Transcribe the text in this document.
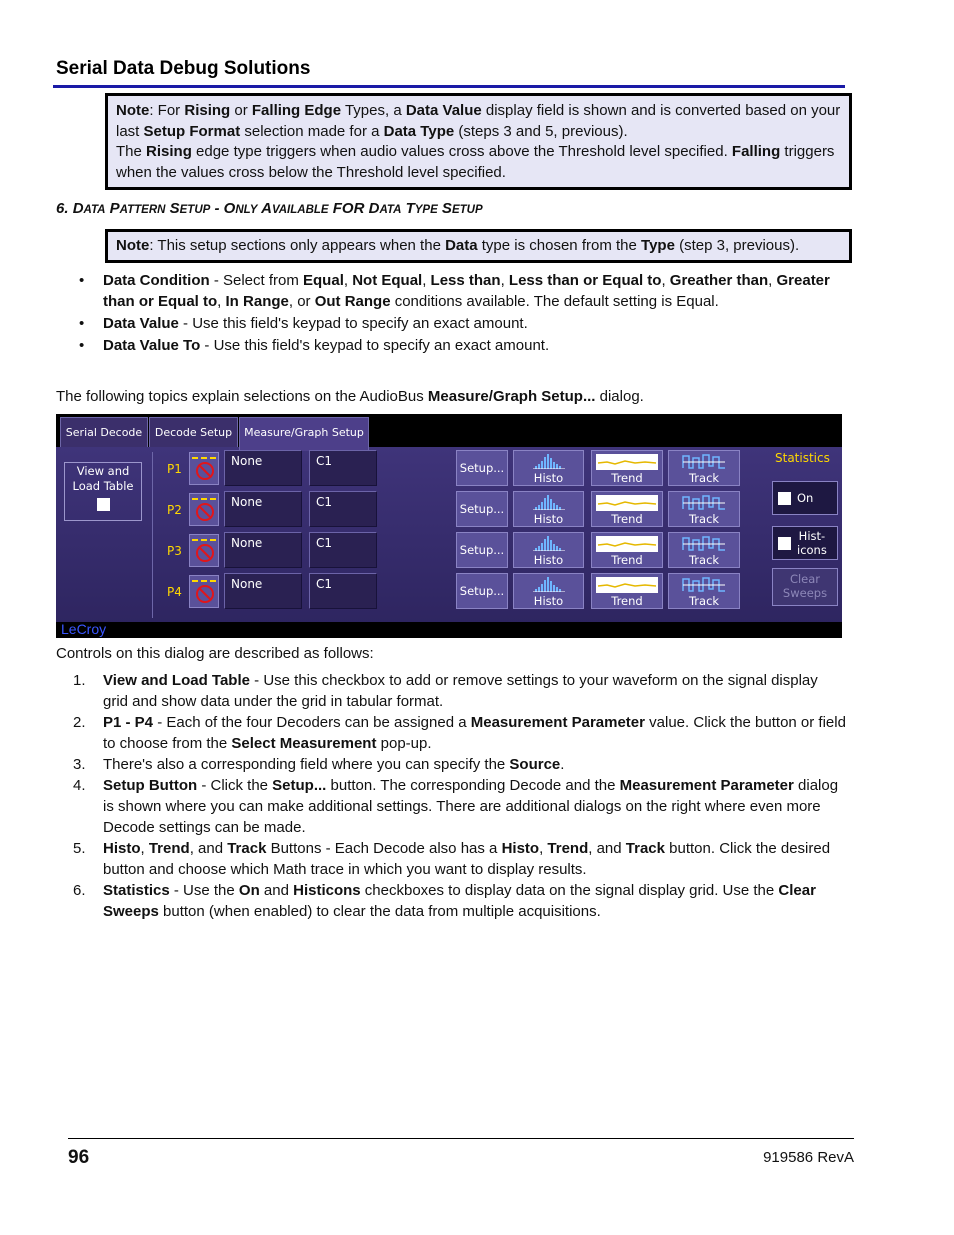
Serial Data Debug Solutions
Note: For Rising or Falling Edge Types, a Data Value display field is shown and is converted based on your last Setup Format selection made for a Data Type (steps 3 and 5, previous).
The Rising edge type triggers when audio values cross above the Threshold level specified. Falling triggers when the values cross below the Threshold level specified.
6. DATA PATTERN SETUP - ONLY AVAILABLE FOR DATA TYPE SETUP
Note: This setup sections only appears when the Data type is chosen from the Type (step 3, previous).
• Data Condition - Select from Equal, Not Equal, Less than, Less than or Equal to, Greather than, Greater than or Equal to, In Range, or Out Range conditions available. The default setting is Equal.
• Data Value - Use this field's keypad to specify an exact amount.
• Data Value To - Use this field's keypad to specify an exact amount.
The following topics explain selections on the AudioBus Measure/Graph Setup... dialog.
Serial Decode	Decode Setup	Measure/Graph Setup
View and Load Table
P1
None	C1	Setup...
Histo	Trend	Track
P2
None	C1	Setup...
Histo	Trend	Track
P3
None	C1	Setup...
Histo	Trend	Track
P4
None	C1	Setup...
Histo	Trend	Track
Statistics
On
Hist-
icons
Clear
Sweeps
LeCroy
Controls on this dialog are described as follows:
1. View and Load Table - Use this checkbox to add or remove settings to your waveform on the signal display grid and show data under the grid in tabular format.
2. P1 - P4 - Each of the four Decoders can be assigned a Measurement Parameter value. Click the button or field to choose from the Select Measurement pop-up.
3. There's also a corresponding field where you can specify the Source.
4. Setup Button - Click the Setup... button. The corresponding Decode and the Measurement Parameter dialog is shown where you can make additional settings. There are additional dialogs on the right where even more Decode settings can be made.
5. Histo, Trend, and Track Buttons - Each Decode also has a Histo, Trend, and Track button. Click the desired button and choose which Math trace in which you want to display results.
6. Statistics - Use the On and Histicons checkboxes to display data on the signal display grid. Use the Clear Sweeps button (when enabled) to clear the data from multiple acquisitions.
96	919586 RevA
